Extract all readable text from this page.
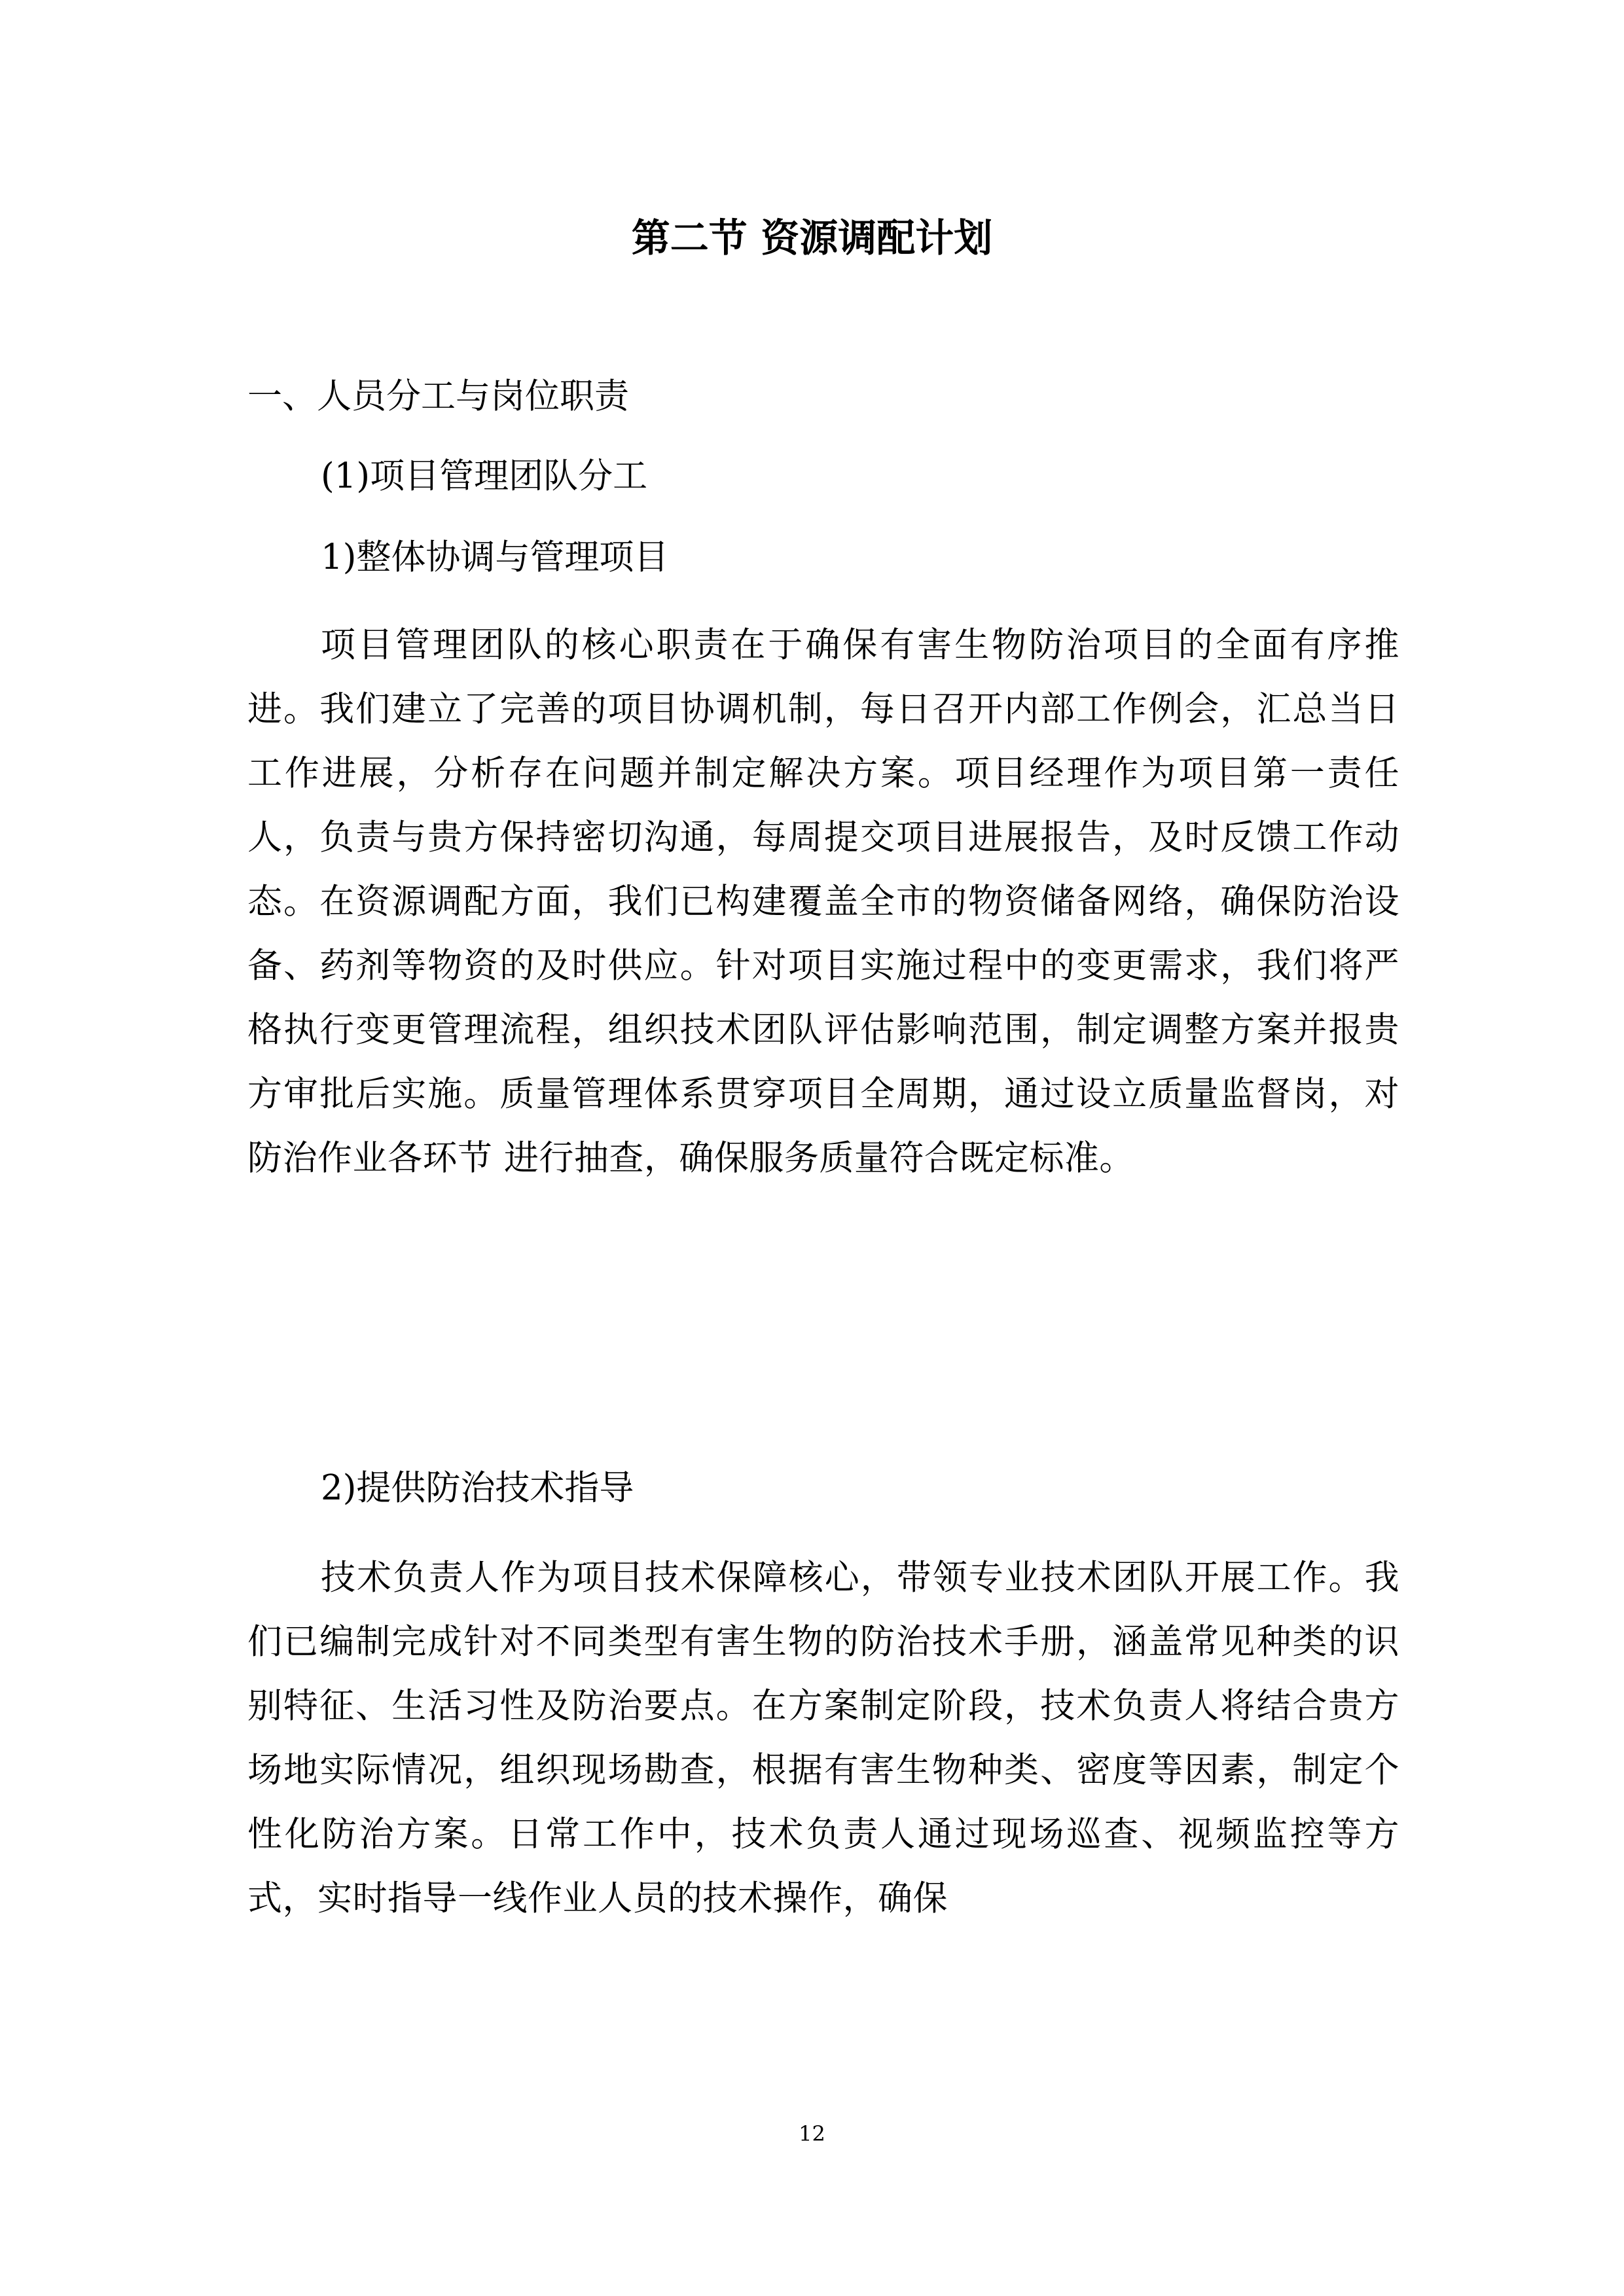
第二节 资源调配计划

一、人员分工与岗位职责

(1)项目管理团队分工

1)整体协调与管理项目

项目管理团队的核心职责在于确保有害生物防治项目的全面有序推进。我们建立了完善的项目协调机制，每日召开内部工作例会，汇总当日工作进展，分析存在问题并制定解决方案。项目经理作为项目第一责任人，负责与贵方保持密切沟通，每周提交项目进展报告，及时反馈工作动态。在资源调配方面，我们已构建覆盖全市的物资储备网络，确保防治设备、药剂等物资的及时供应。针对项目实施过程中的变更需求，我们将严格执行变更管理流程，组织技术团队评估影响范围，制定调整方案并报贵方审批后实施。质量管理体系贯穿项目全周期，通过设立质量监督岗，对防治作业各环节 进行抽查，确保服务质量符合既定标准。

2)提供防治技术指导

技术负责人作为项目技术保障核心，带领专业技术团队开展工作。我们已编制完成针对不同类型有害生物的防治技术手册，涵盖常见种类的识别特征、生活习性及防治要点。在方案制定阶段，技术负责人将结合贵方场地实际情况，组织现场勘查，根据有害生物种类、密度等因素，制定个性化防治方案。日常工作中，技术负责人通过现场巡查、视频监控等方式，实时指导一线作业人员的技术操作，确保

12
